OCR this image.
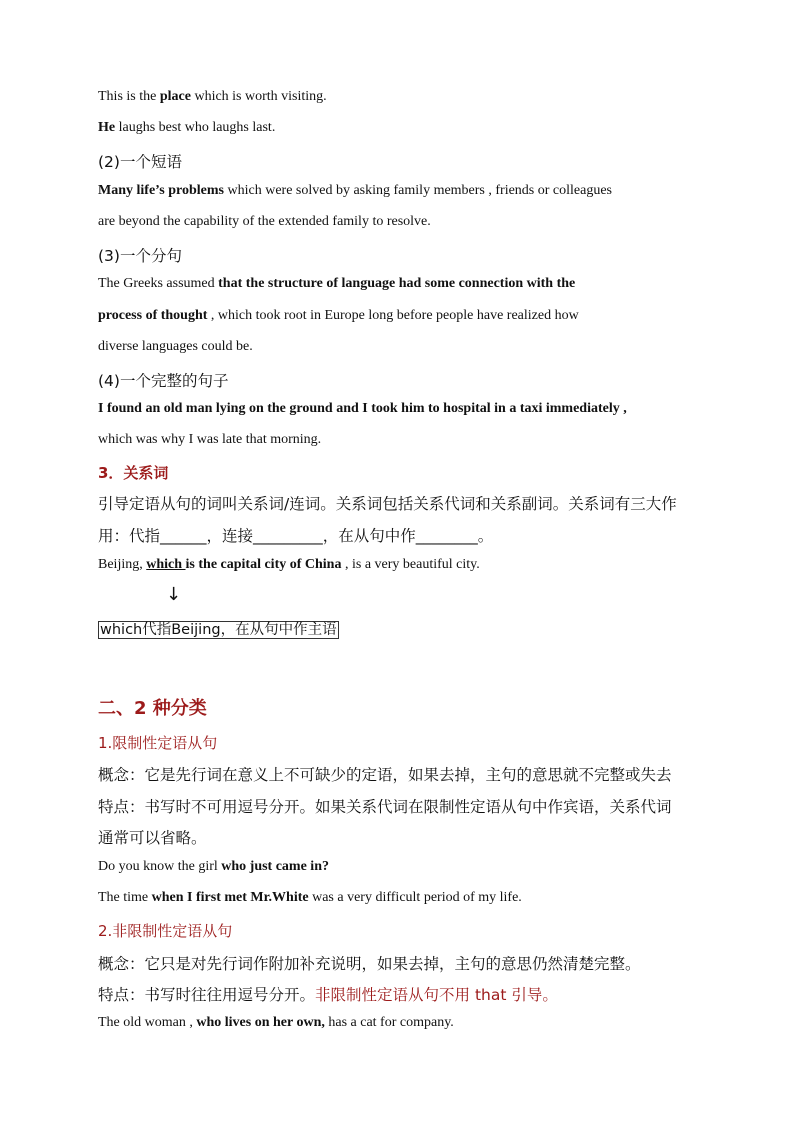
This is the place which is worth visiting.
He laughs best who laughs last.
(2)一个短语
Many life’s problems which were solved by asking family members , friends or colleagues
are beyond the capability of the extended family to resolve.
(3)一个分句
The Greeks assumed that the structure of language had some connection with the
process of thought , which took root in Europe long before people have realized how
diverse languages could be.
(4)一个完整的句子
I found an old man lying on the ground and I took him to hospital in a taxi immediately ,
which was why I was late that morning.
3．关系词
引导定语从句的词叫关系词/连词。关系词包括关系代词和关系副词。关系词有三大作
用：代指______，连接_________，在从句中作________。
Beijing, which is the capital city of China , is a very beautiful city.
↓
which代指Beijing，在从句中作主语
二、2 种分类
1.限制性定语从句
概念：它是先行词在意义上不可缺少的定语，如果去掉，主句的意思就不完整或失去
特点：书写时不可用逗号分开。如果关系代词在限制性定语从句中作宾语，关系代词
通常可以省略。
Do you know the girl who just came in?
The time when I first met Mr.White was a very difficult period of my life.
2.非限制性定语从句
概念：它只是对先行词作附加补充说明，如果去掉，主句的意思仍然清楚完整。
特点：书写时往往用逗号分开。非限制性定语从句不用 that 引导。
The old woman , who lives on her own, has a cat for company.
